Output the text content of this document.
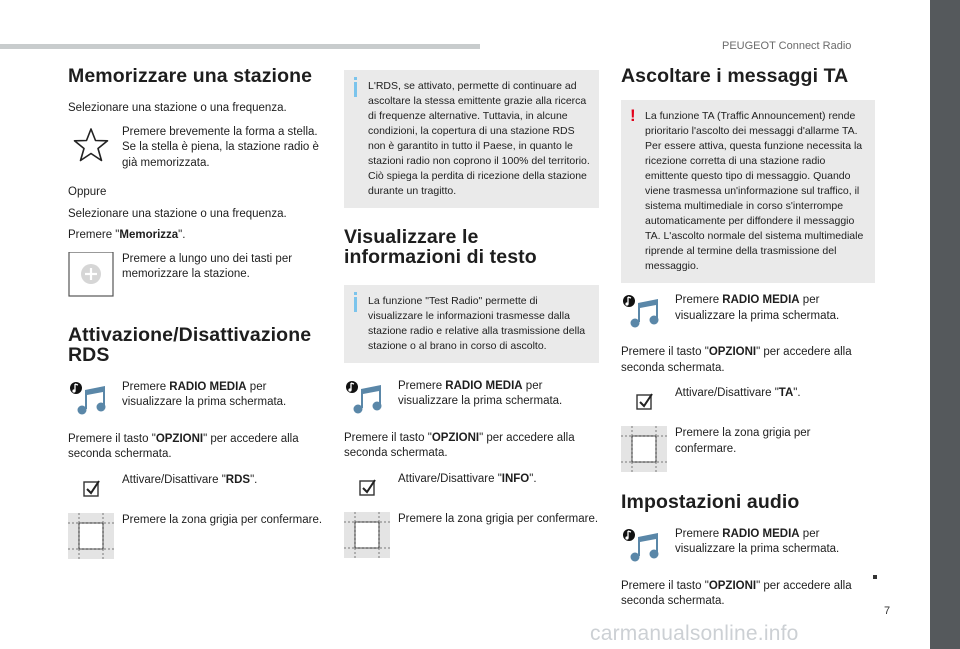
PEUGEOT Connect Radio
7
carmanualsonline.info
Memorizzare una stazione

Selezionare una stazione o una frequenza.

Premere brevemente la forma a stella. Se la stella è piena, la stazione radio è già memorizzata.

Oppure

Selezionare una stazione o una frequenza.

Premere "Memorizza".

Premere a lungo uno dei tasti per memorizzare la stazione.

Attivazione/Disattivazione RDS

Premere RADIO MEDIA per visualizzare la prima schermata.

Premere il tasto "OPZIONI" per accedere alla seconda schermata.

Attivare/Disattivare "RDS".

Premere la zona grigia per confermare.

L'RDS, se attivato, permette di continuare ad ascoltare la stessa emittente grazie alla ricerca di frequenze alternative. Tuttavia, in alcune condizioni, la copertura di una stazione RDS non è garantito in tutto il Paese, in quanto le stazioni radio non coprono il 100% del territorio. Ciò spiega la perdita di ricezione della stazione durante un tragitto.
Visualizzare le informazioni di testo
La funzione "Test Radio" permette di visualizzare le informazioni trasmesse dalla stazione radio e relative alla trasmissione della stazione o al brano in corso di ascolto.

Premere RADIO MEDIA per visualizzare la prima schermata.

Premere il tasto "OPZIONI" per accedere alla seconda schermata.

Attivare/Disattivare "INFO".

Premere la zona grigia per confermare.

Ascoltare i messaggi TA
! La funzione TA (Traffic Announcement) rende prioritario l'ascolto dei messaggi d'allarme TA. Per essere attiva, questa funzione necessita la ricezione corretta di una stazione radio emittente questo tipo di messaggio. Quando viene trasmessa un'informazione sul traffico, il sistema multimediale in corso s'interrompe automaticamente per diffondere il messaggio TA. L'ascolto normale del sistema multimediale riprende al termine della trasmissione del messaggio.

Premere RADIO MEDIA per visualizzare la prima schermata.

Premere il tasto "OPZIONI" per accedere alla seconda schermata.

Attivare/Disattivare "TA".

Premere la zona grigia per confermare.

Impostazioni audio

Premere RADIO MEDIA per visualizzare la prima schermata.

Premere il tasto "OPZIONI" per accedere alla seconda schermata.
